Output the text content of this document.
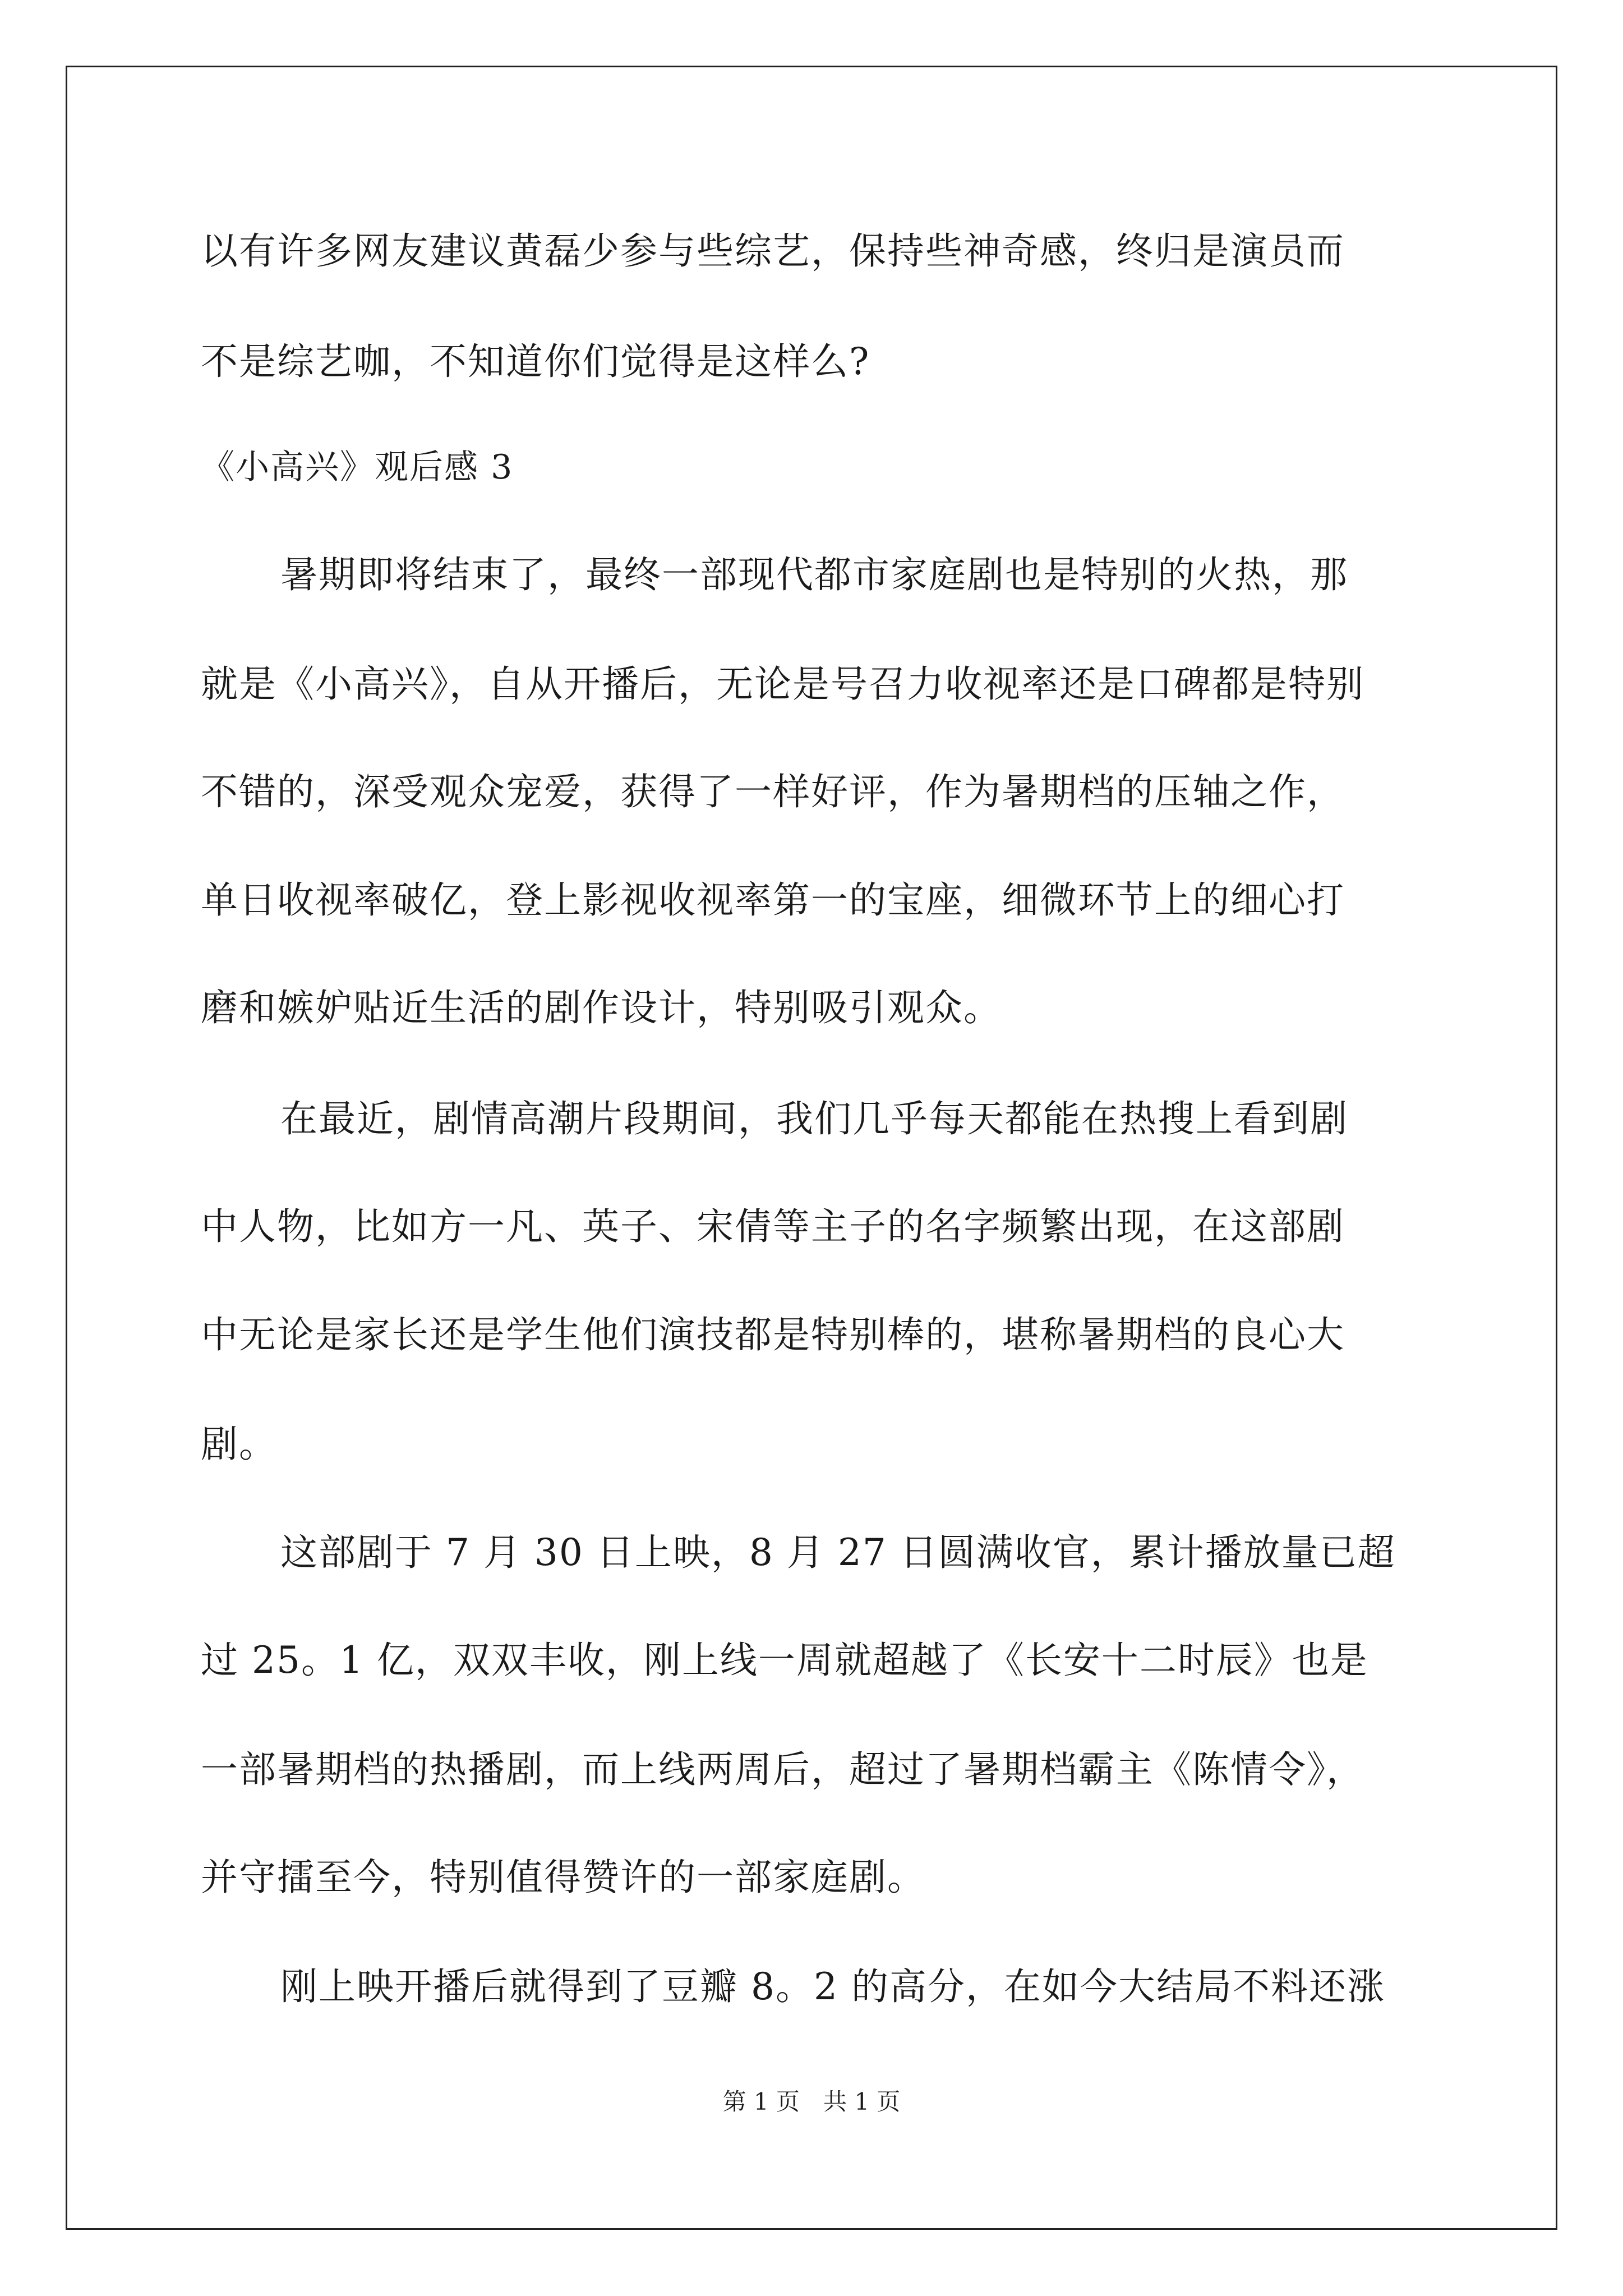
以有许多网友建议黄磊少参与些综艺，保持些神奇感，终归是演员而
不是综艺咖，不知道你们觉得是这样么?
《小高兴》观后感 3
暑期即将结束了，最终一部现代都市家庭剧也是特别的火热，那
就是《小高兴》，自从开播后，无论是号召力收视率还是口碑都是特别
不错的，深受观众宠爱，获得了一样好评，作为暑期档的压轴之作，
单日收视率破亿，登上影视收视率第一的宝座，细微环节上的细心打
磨和嫉妒贴近生活的剧作设计，特别吸引观众。
在最近，剧情高潮片段期间，我们几乎每天都能在热搜上看到剧
中人物，比如方一凡、英子、宋倩等主子的名字频繁出现，在这部剧
中无论是家长还是学生他们演技都是特别棒的，堪称暑期档的良心大
剧。
这部剧于 7 月 30 日上映，8 月 27 日圆满收官，累计播放量已超
过 25。1 亿，双双丰收，刚上线一周就超越了《长安十二时辰》也是
一部暑期档的热播剧，而上线两周后，超过了暑期档霸主《陈情令》，
并守擂至今，特别值得赞许的一部家庭剧。
刚上映开播后就得到了豆瓣 8。2 的高分，在如今大结局不料还涨
第 1 页　共 1 页
